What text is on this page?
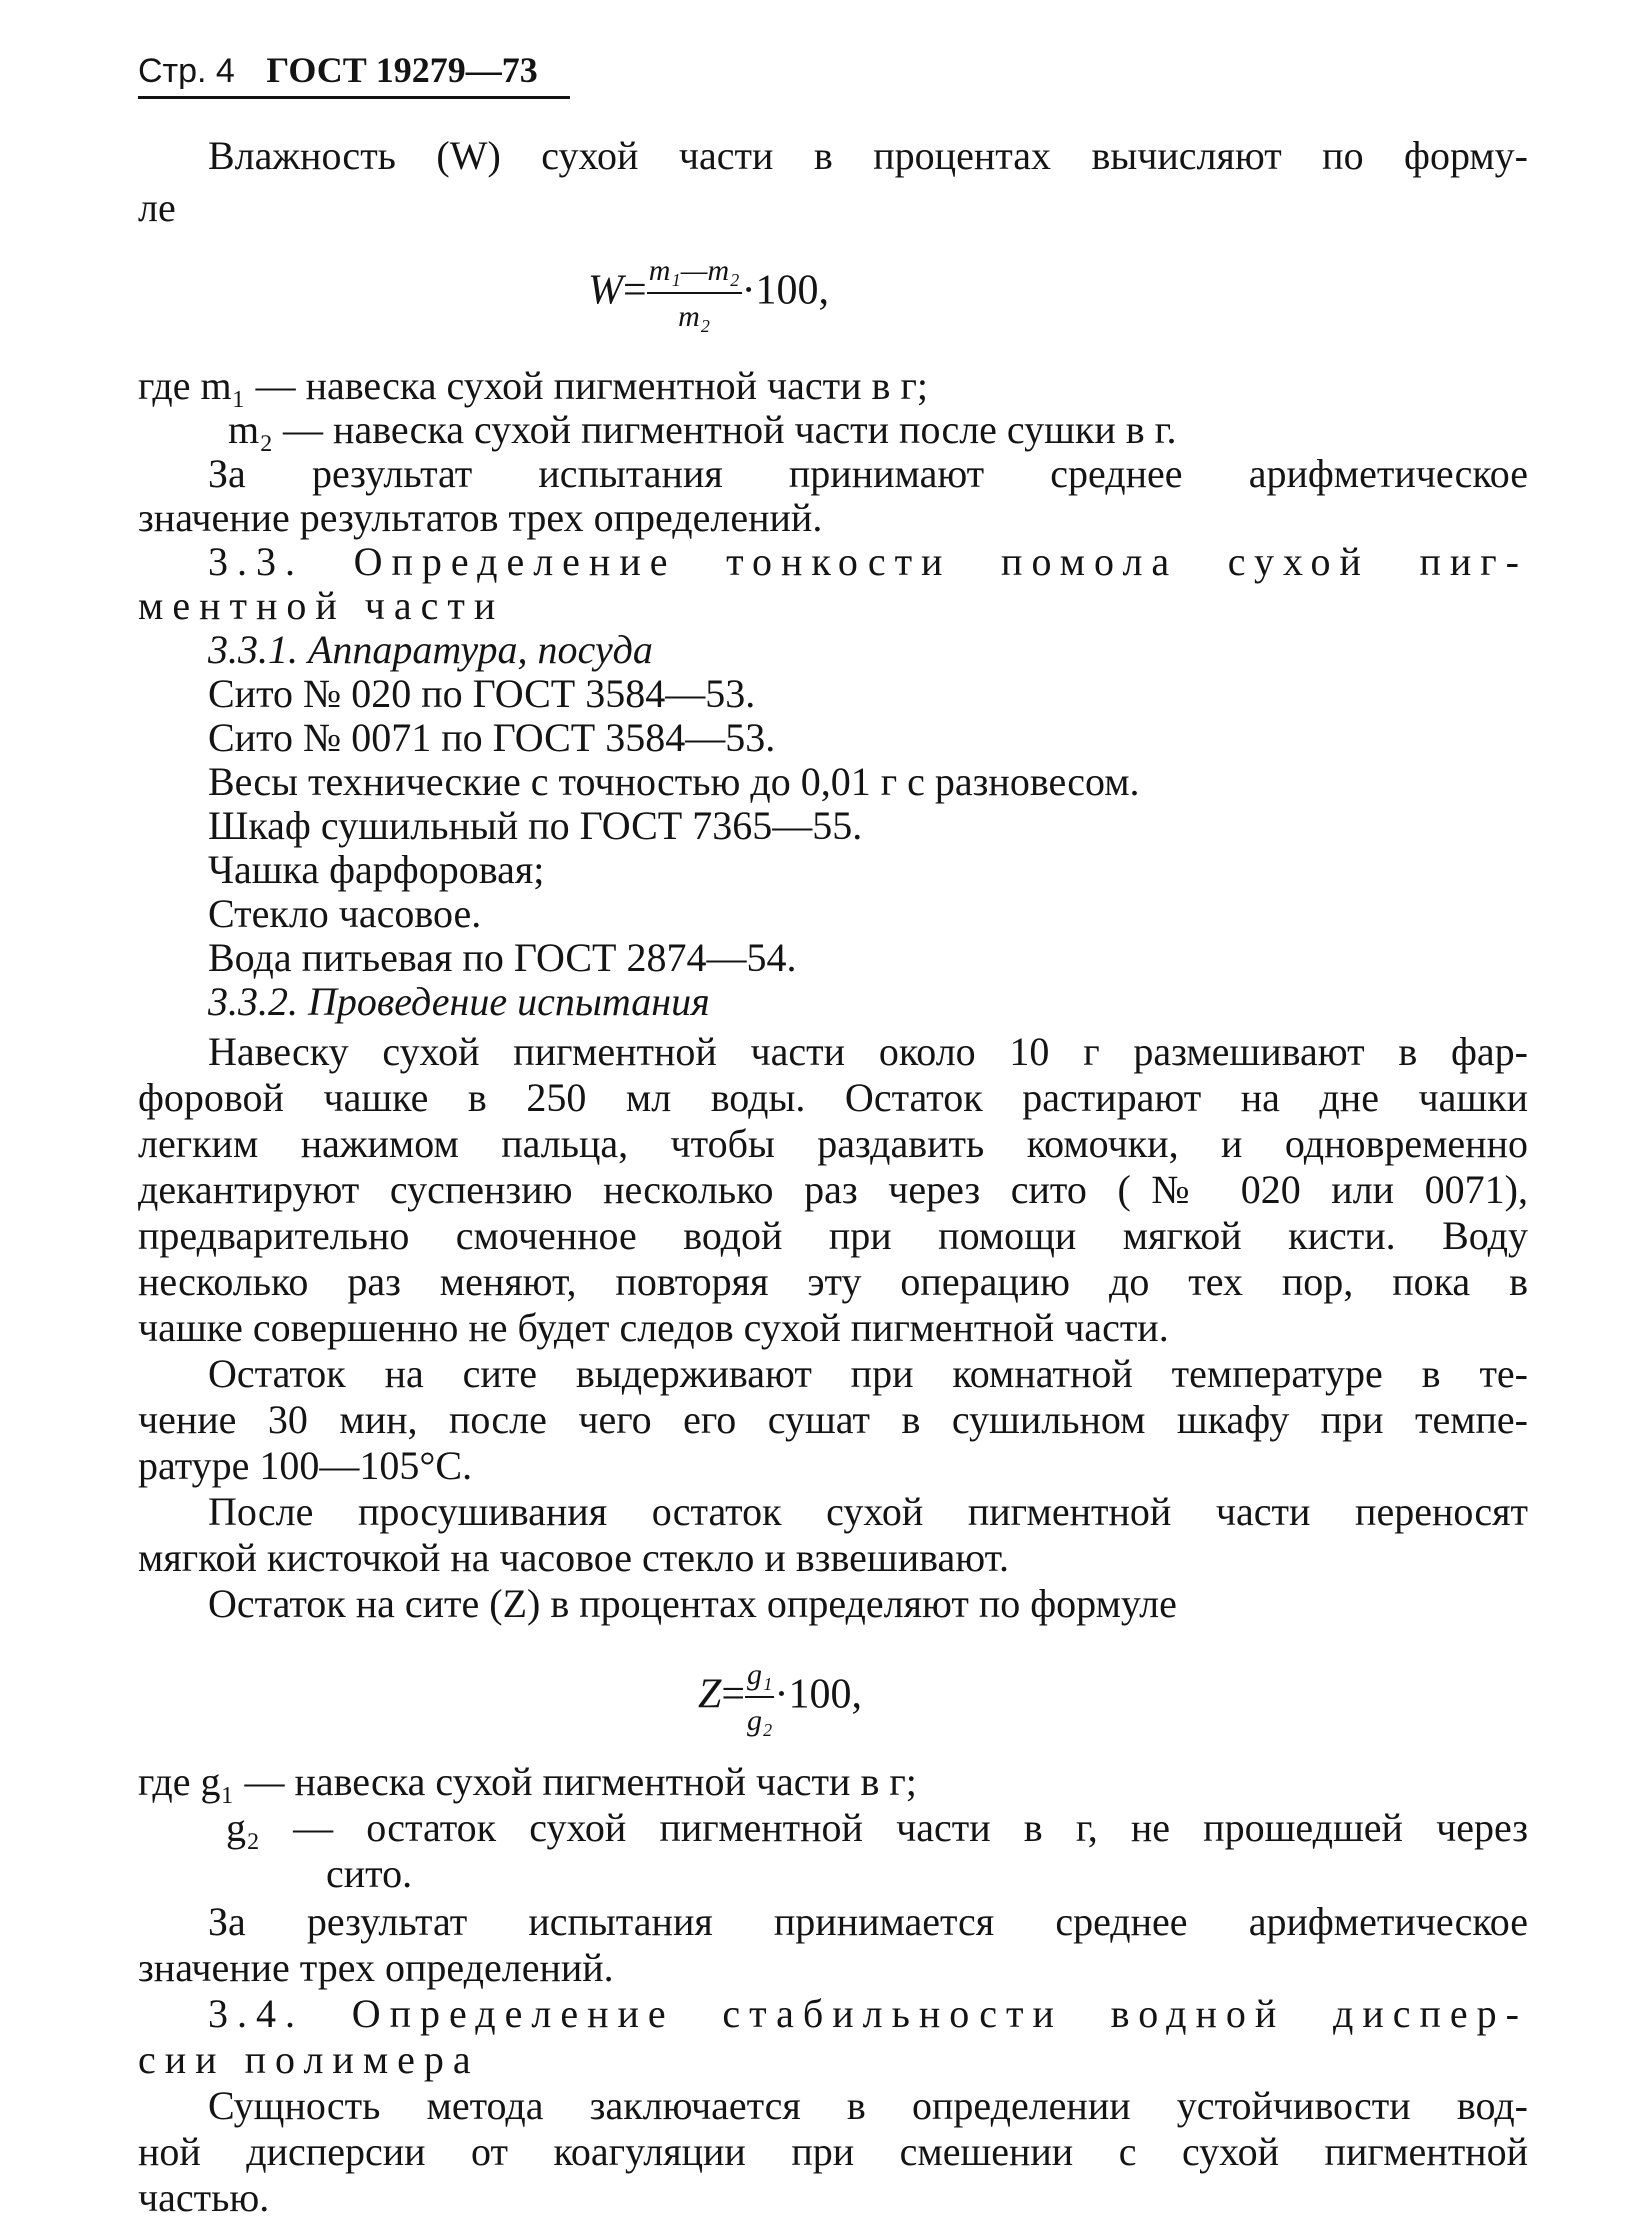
Стр. 4 ГОСТ 19279—73
Влажность (W) сухой части в процентах вычисляют по форму-
ле
$W= \frac{\text{m₁—m₂}}{\text{m₂}} \cdot 100$,
где m₁ — навеска сухой пигментной части в г;
m₂ — навеска сухой пигментной части после сушки в г.
За результат испытания принимают среднее арифметическое
значение результатов трех определений.
3.3. Определение тонкости помола сухой пиг-
ментной части
3.3.1. Аппаратура, посуда
Сито № 020 по ГОСТ 3584—53.
Сито № 0071 по ГОСТ 3584—53.
Весы технические с точностью до 0,01 г с разновесом.
Шкаф сушильный по ГОСТ 7365—55.
Чашка фарфоровая;
Стекло часовое.
Вода питьевая по ГОСТ 2874—54.
3.3.2. Проведение испытания
Навеску сухой пигментной части около 10 г размешивают в фар-
форовой чашке в 250 мл воды. Остаток растирают на дне чашки
легким нажимом пальца, чтобы раздавить комочки, и одновременно
декантируют суспензию несколько раз через сито (№ 020 или 0071),
предварительно смоченное водой при помощи мягкой кисти. Воду
несколько раз меняют, повторяя эту операцию до тех пор, пока в
чашке совершенно не будет следов сухой пигментной части.
Остаток на сите выдерживают при комнатной температуре в те-
чение 30 мин, после чего его сушат в сушильном шкафу при темпе-
ратуре 100—105°С.
После просушивания остаток сухой пигментной части переносят
мягкой кисточкой на часовое стекло и взвешивают.
Остаток на сите (Z) в процентах определяют по формуле
$Z= \frac{\text{g₁}}{\text{g₂}} \cdot 100$,
где g₁ — навеска сухой пигментной части в г;
g₂ — остаток сухой пигментной части в г, не прошедшей через
сито.
За результат испытания принимается среднее арифметическое
значение трех определений.
3.4. Определение стабильности водной диспер-
сии полимера
Сущность метода заключается в определении устойчивости вод-
ной дисперсии от коагуляции при смешении с сухой пигментной
частью.
